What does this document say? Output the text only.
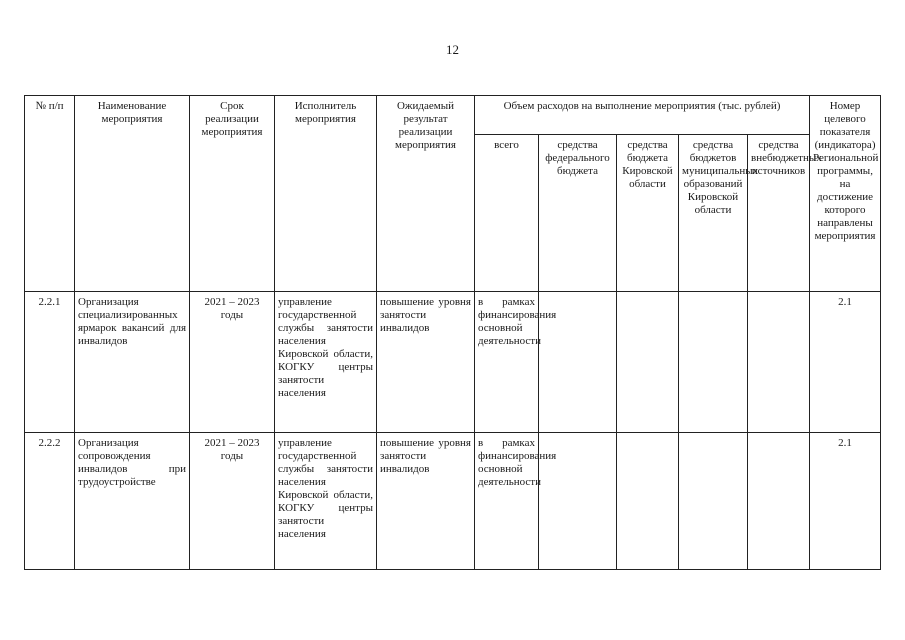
12
№ п/п	Наименование мероприятия	Срок реализации мероприятия	Исполнитель мероприятия	Ожидаемый результат реализации мероприятия	Объем расходов на выполнение мероприятия (тыс. рублей)					Номер целевого показателя (индикатора) Региональной программы, на достижение которого направлены мероприятия
					всего	средства федерального бюджета	средства бюджета Кировской области	средства бюджетов муниципальных образований Кировской области	средства внебюджетных источников	
2.2.1	Организация специализированных ярмарок вакансий для инвалидов	2021 – 2023 годы	управление государственной службы занятости населения Кировской области, КОГКУ центры занятости населения	повышение уровня занятости инвалидов	в рамках финансирования основной деятельности					2.1
2.2.2	Организация сопровождения инвалидов при трудоустройстве	2021 – 2023 годы	управление государственной службы занятости населения Кировской области, КОГКУ центры занятости населения	повышение уровня занятости инвалидов	в рамках финансирования основной деятельности					2.1
